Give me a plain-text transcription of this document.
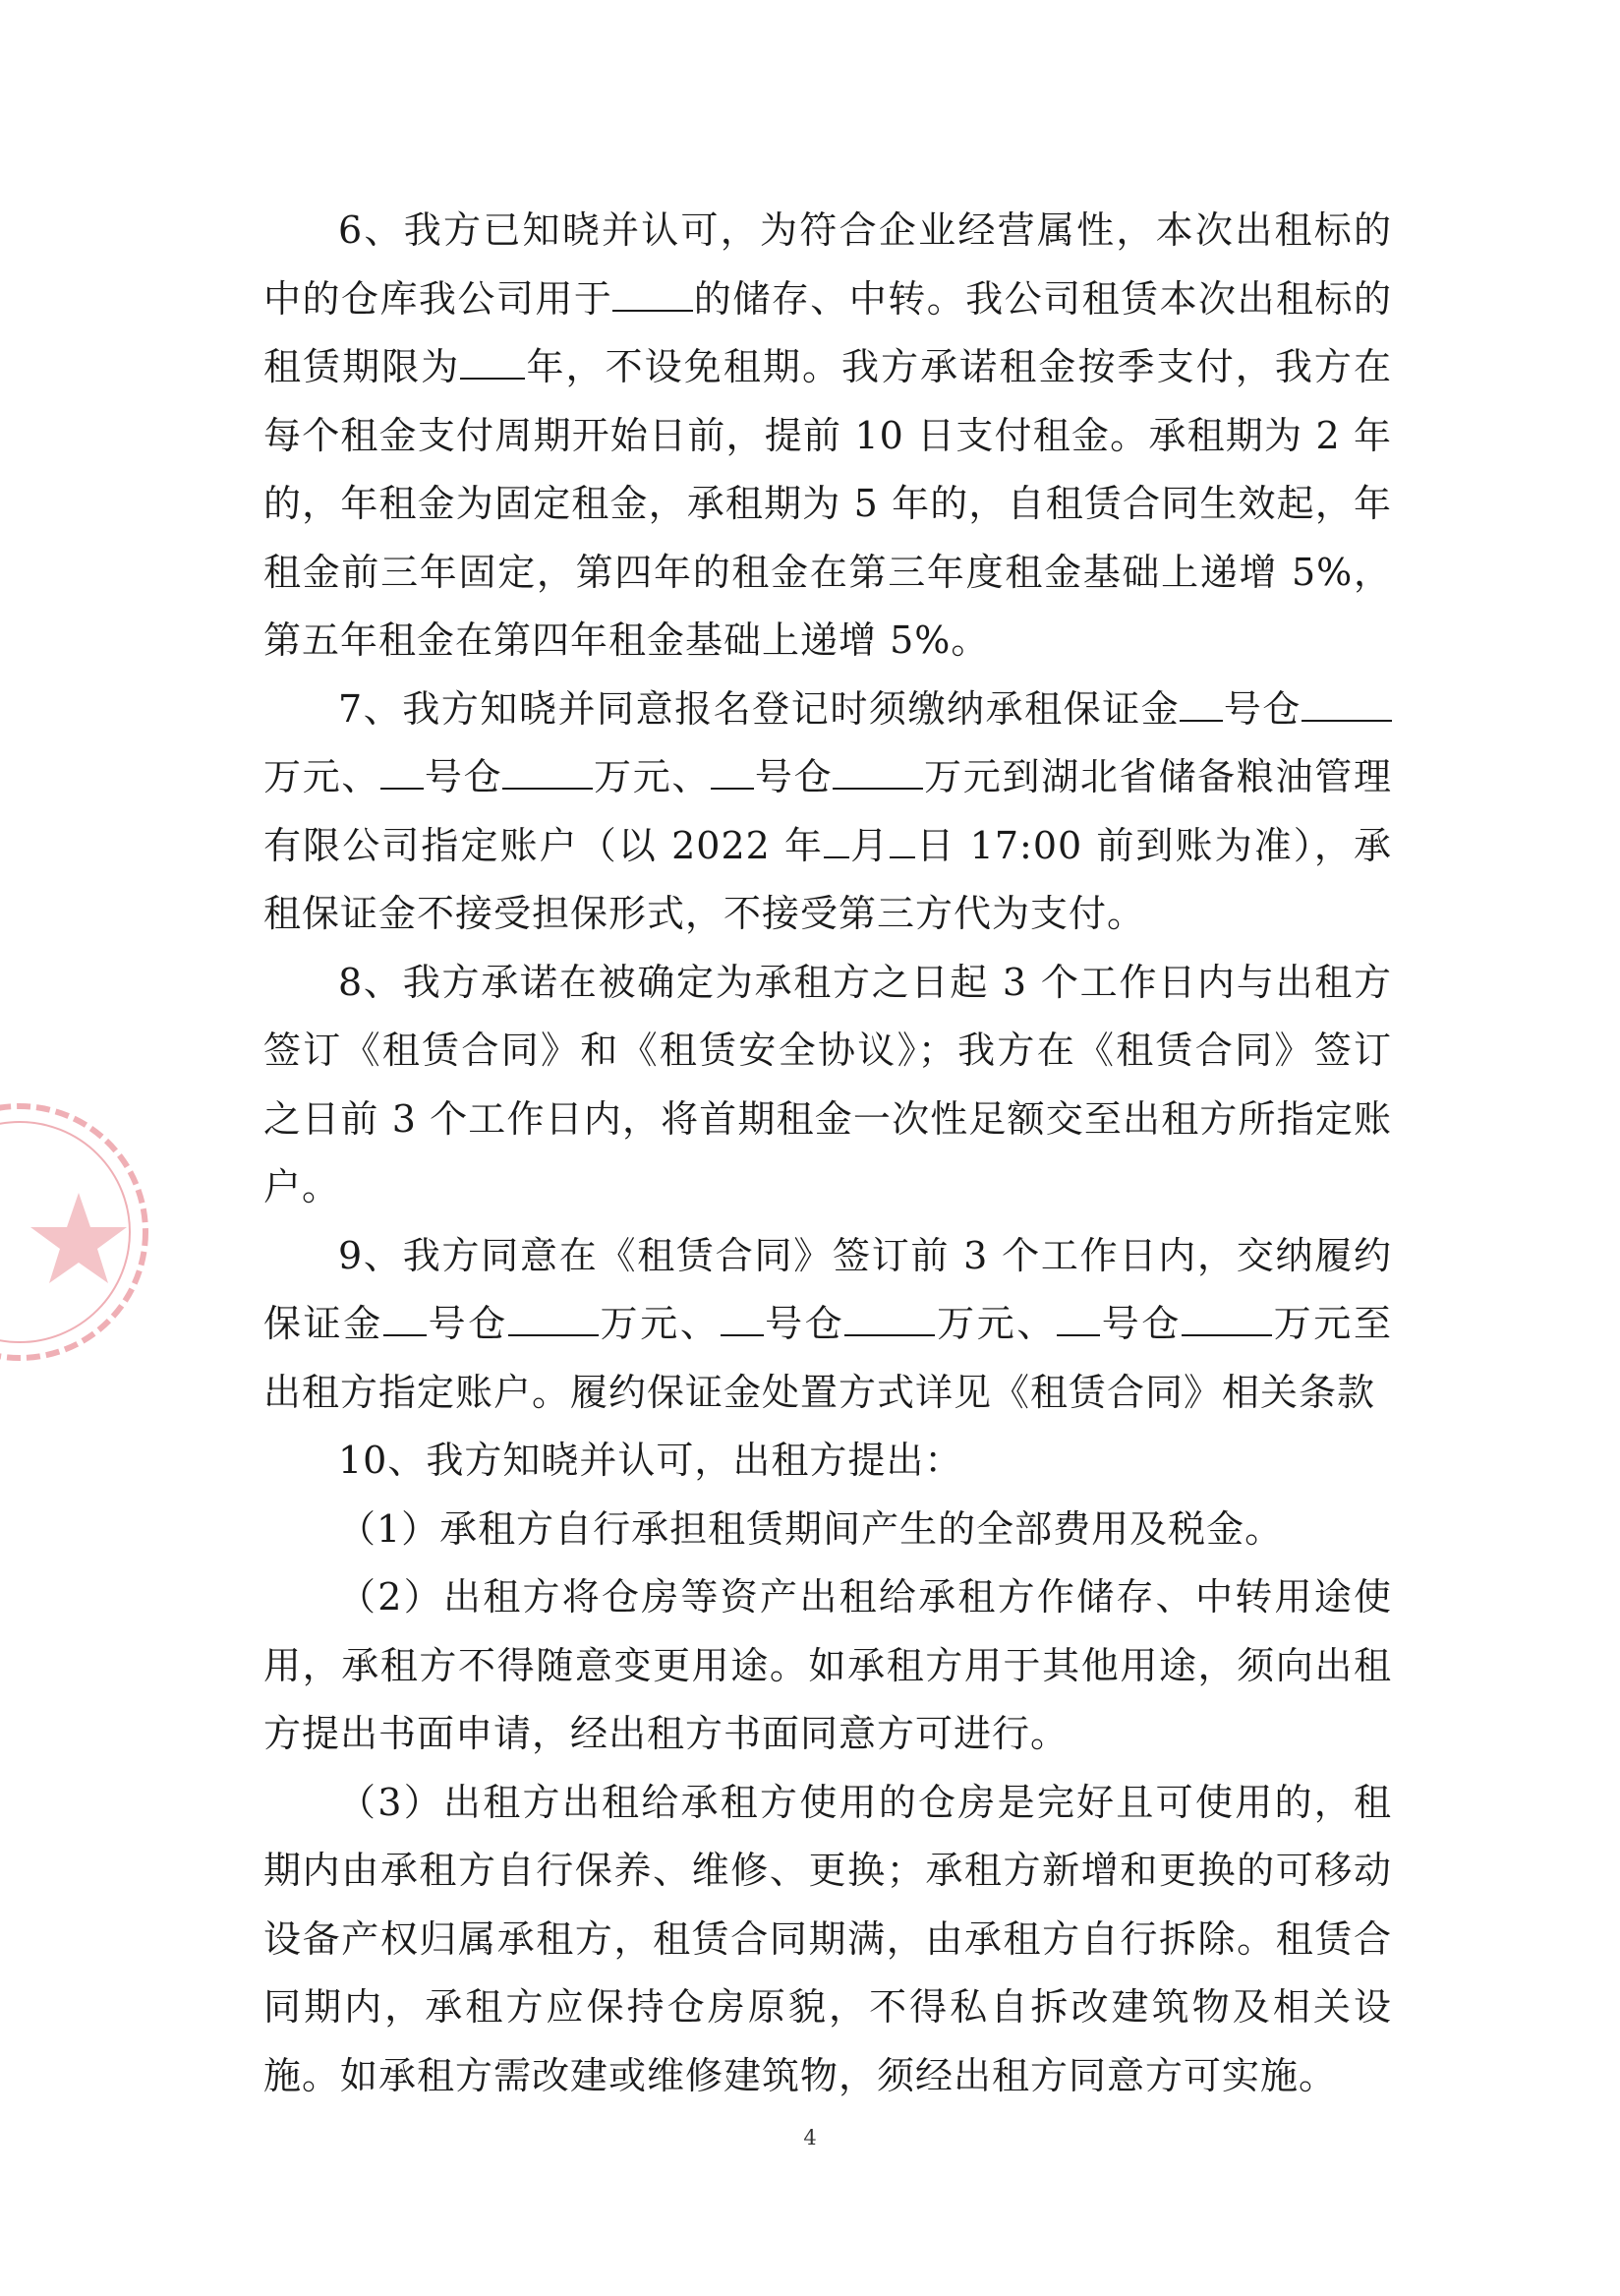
6、我方已知晓并认可，为符合企业经营属性，本次出租标的中的仓库我公司用于 的储存、中转。我公司租赁本次出租标的租赁期限为 年，不设免租期。我方承诺租金按季支付，我方在每个租金支付周期开始日前，提前 10 日支付租金。承租期为 2 年的，年租金为固定租金，承租期为 5 年的，自租赁合同生效起，年租金前三年固定，第四年的租金在第三年度租金基础上递增 5%，第五年租金在第四年租金基础上递增 5%。

7、我方知晓并同意报名登记时须缴纳承租保证金 号仓万元、 号仓 万元、 号仓 万元到湖北省储备粮油管理有限公司指定账户（以 2022 年 月 日 17:00 前到账为准），承租保证金不接受担保形式，不接受第三方代为支付。

8、我方承诺在被确定为承租方之日起 3 个工作日内与出租方签订《租赁合同》和《租赁安全协议》；我方在《租赁合同》签订之日前 3 个工作日内，将首期租金一次性足额交至出租方所指定账户。

9、我方同意在《租赁合同》签订前 3 个工作日内，交纳履约保证金 号仓 万元、 号仓 万元、 号仓 万元至出租方指定账户。履约保证金处置方式详见《租赁合同》相关条款

10、我方知晓并认可，出租方提出：

（1）承租方自行承担租赁期间产生的全部费用及税金。

（2）出租方将仓房等资产出租给承租方作储存、中转用途使用，承租方不得随意变更用途。如承租方用于其他用途，须向出租方提出书面申请，经出租方书面同意方可进行。

（3）出租方出租给承租方使用的仓房是完好且可使用的，租期内由承租方自行保养、维修、更换；承租方新增和更换的可移动设备产权归属承租方，租赁合同期满，由承租方自行拆除。租赁合同期内，承租方应保持仓房原貌，不得私自拆改建筑物及相关设施。如承租方需改建或维修建筑物，须经出租方同意方可实施。

4
